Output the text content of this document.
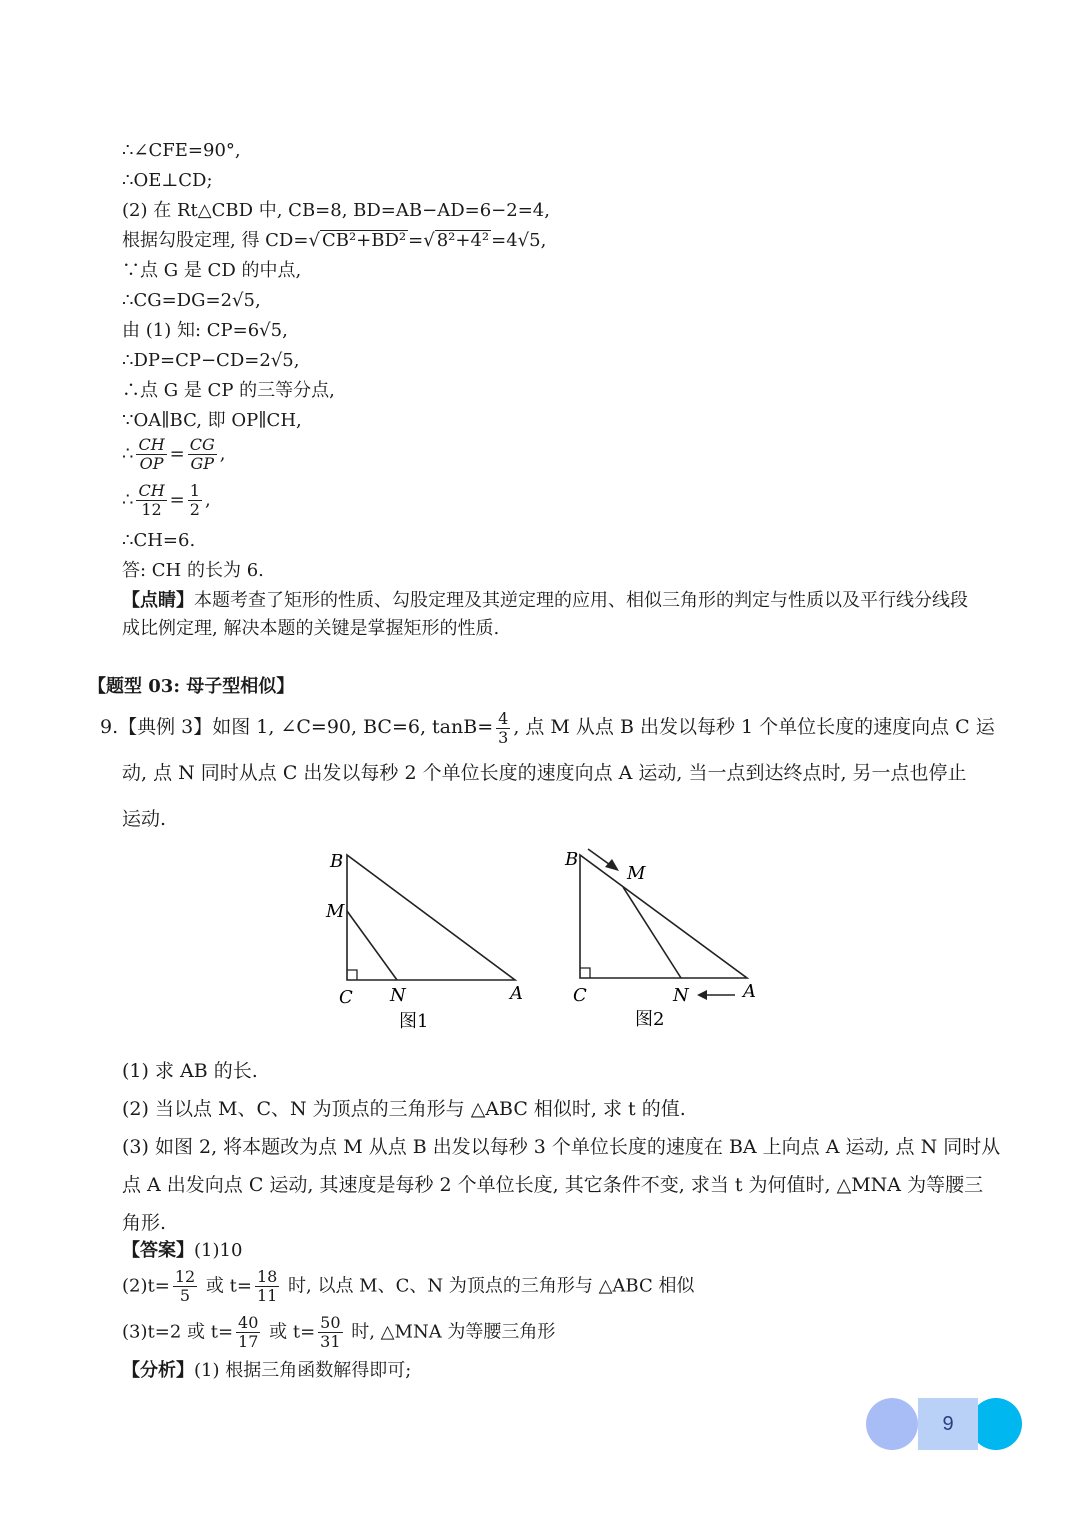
∴∠CFE=90°,
∴OE⊥CD;
(2) 在 Rt△CBD 中, CB=8, BD=AB−AD=6−2=4,
根据勾股定理, 得 CD=√ CB²+BD² =√ 8²+4² =4√5,
∵点 G 是 CD 的中点,
∴CG=DG=2√5,
由 (1) 知: CP=6√5,
∴DP=CP−CD=2√5,
∴点 G 是 CP 的三等分点,
∵OA∥BC, 即 OP∥CH,
∴ $\frac{CH}{OP} = \frac{CG}{GP}$ ,
∴ $\frac{CH}{12} = \frac{1}{2}$ ,
∴CH=6.
答: CH 的长为 6.
【点睛】本题考查了矩形的性质、勾股定理及其逆定理的应用、相似三角形的判定与性质以及平行线分线段
成比例定理, 解决本题的关键是掌握矩形的性质.
【题型 03: 母子型相似】
9.【典例 3】如图 1, ∠C=90, BC=6, $\tan B= \frac{4}{3}$ , 点 M 从点 B 出发以每秒 1 个单位长度的速度向点 C 运
动, 点 N 同时从点 C 出发以每秒 2 个单位长度的速度向点 A 运动, 当一点到达终点时, 另一点也停止
运动.
B
M
C N	A
图1
B
M
C	N	A
图2
(1) 求 AB 的长.
(2) 当以点 M、C、N 为顶点的三角形与 △ABC 相似时, 求 t 的值.
(3) 如图 2, 将本题改为点 M 从点 B 出发以每秒 3 个单位长度的速度在 BA 上向点 A 运动, 点 N 同时从
点 A 出发向点 C 运动, 其速度是每秒 2 个单位长度, 其它条件不变, 求当 t 为何值时, △MNA 为等腰三
角形.
【答案】(1)10
$(2)t= \frac{12}{5}$ 或 $t= \frac{18}{11}$ 时, 以点 M、C、N 为顶点的三角形与 △ABC 相似
(3)t=2 或 $t= \frac{40}{17}$ 或 $t= \frac{50}{31}$ 时, △MNA 为等腰三角形
【分析】(1) 根据三角函数解得即可;
9
